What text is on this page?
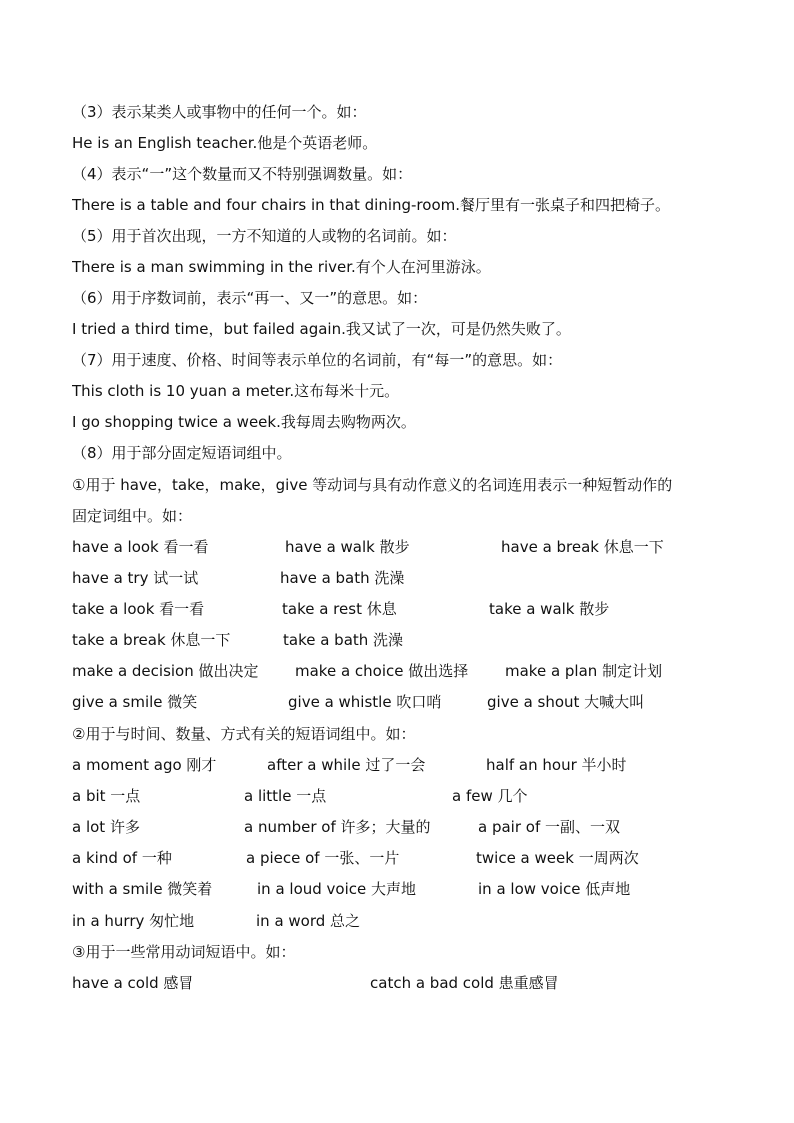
（3）表示某类人或事物中的任何一个。如：
He is an English teacher.他是个英语老师。
（4）表示“一”这个数量而又不特别强调数量。如：
There is a table and four chairs in that dining-room.餐厅里有一张桌子和四把椅子。
（5）用于首次出现，一方不知道的人或物的名词前。如：
There is a man swimming in the river.有个人在河里游泳。
（6）用于序数词前，表示“再一、又一”的意思。如：
I tried a third time，but failed again.我又试了一次，可是仍然失败了。
（7）用于速度、价格、时间等表示单位的名词前，有“每一”的意思。如：
This cloth is 10 yuan a meter.这布每米十元。
I go shopping twice a week.我每周去购物两次。
（8）用于部分固定短语词组中。
①用于 have，take，make，give 等动词与具有动作意义的名词连用表示一种短暂动作的
固定词组中。如：
have a look 看一看	have a walk 散步	have a break 休息一下
have a try 试一试	have a bath 洗澡
take a look 看一看	take a rest 休息	take a walk 散步
take a break 休息一下	take a bath 洗澡
make a decision 做出决定 make a choice 做出选择 make a plan 制定计划
give a smile 微笑	give a whistle 吹口哨	give a shout 大喊大叫
②用于与时间、数量、方式有关的短语词组中。如：
a moment ago 刚才	after a while 过了一会	half an hour 半小时
a bit 一点	a little 一点	a few 几个
a lot 许多	a number of 许多；大量的	a pair of 一副、一双
a kind of 一种	a piece of 一张、一片	twice a week 一周两次
with a smile 微笑着	in a loud voice 大声地	in a low voice 低声地
in a hurry 匆忙地	in a word 总之
③用于一些常用动词短语中。如：
have a cold 感冒	catch a bad cold 患重感冒
